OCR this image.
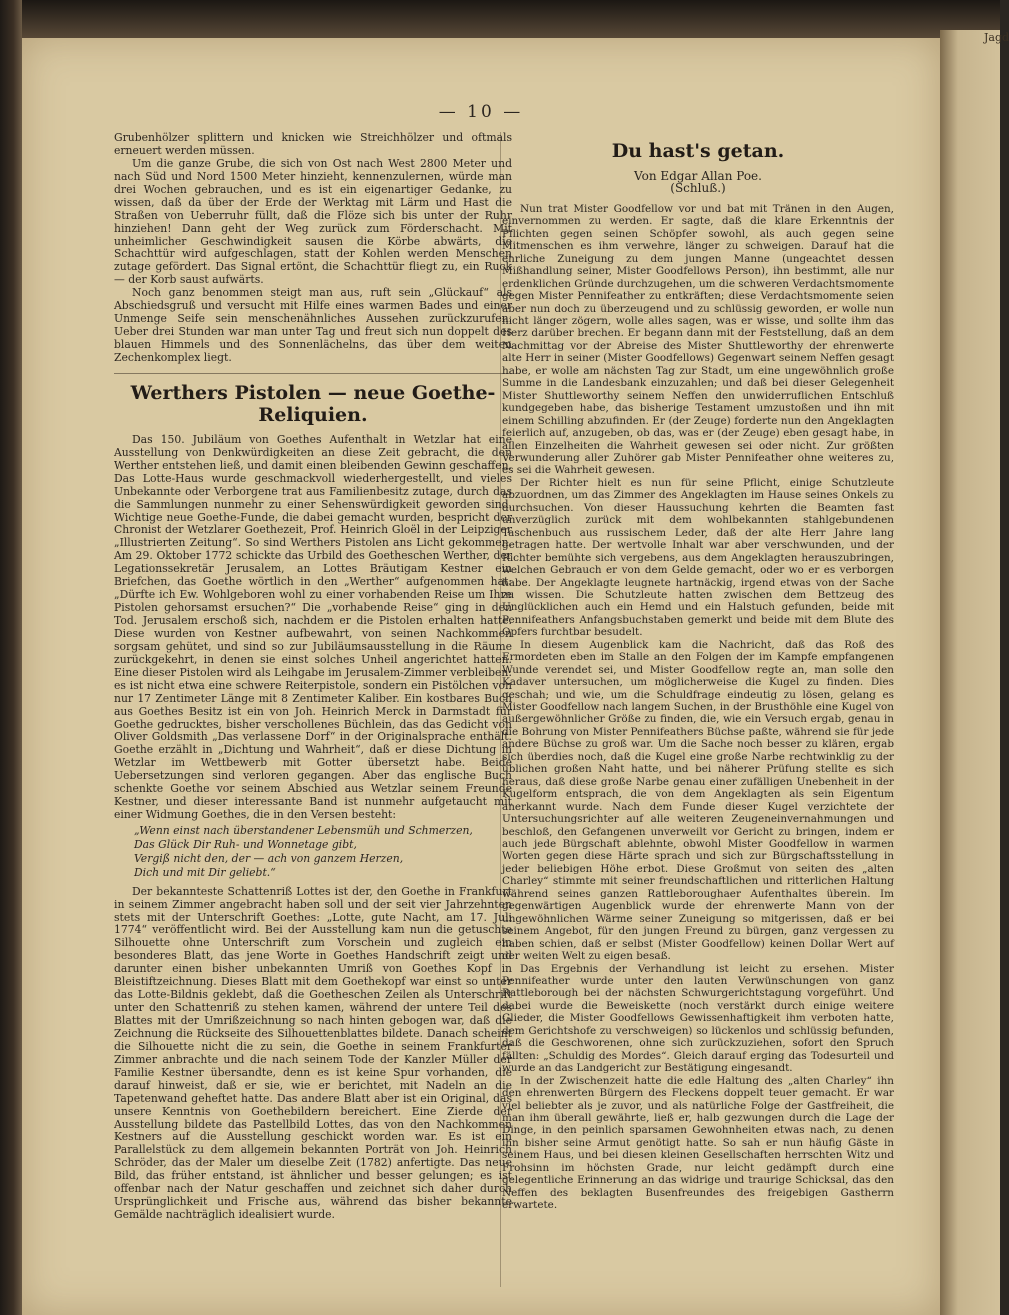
Jagd
— 10 —

Grubenhölzer splittern und knicken wie Streichhölzer und oftmals erneuert werden müssen.

Um die ganze Grube, die sich von Ost nach West 2800 Meter und nach Süd und Nord 1500 Meter hinzieht, kennenzulernen, würde man drei Wochen gebrauchen, und es ist ein eigenartiger Gedanke, zu wissen, daß da über der Erde der Werktag mit Lärm und Hast die Straßen von Ueberruhr füllt, daß die Flöze sich bis unter der Ruhr hinziehen! Dann geht der Weg zurück zum Förderschacht. Mit unheimlicher Geschwindigkeit sausen die Körbe abwärts, die Schachttür wird aufgeschlagen, statt der Kohlen werden Menschen zutage gefördert. Das Signal ertönt, die Schachttür fliegt zu, ein Ruck — der Korb saust aufwärts.

Noch ganz benommen steigt man aus, ruft sein „Glückauf“ als Abschiedsgruß und versucht mit Hilfe eines warmen Bades und einer Unmenge Seife sein menschenähnliches Aussehen zurückzurufen. Ueber drei Stunden war man unter Tag und freut sich nun doppelt des blauen Himmels und des Sonnenlächelns, das über dem weiten Zechenkomplex liegt.

Werthers Pistolen — neue Goethe-Reliquien.

Das 150. Jubiläum von Goethes Aufenthalt in Wetzlar hat eine Ausstellung von Denkwürdigkeiten an diese Zeit gebracht, die den Werther entstehen ließ, und damit einen bleibenden Gewinn geschaffen. Das Lotte-Haus wurde geschmackvoll wiederhergestellt, und vieles Unbekannte oder Verborgene trat aus Familienbesitz zutage, durch das die Sammlungen nunmehr zu einer Sehenswürdigkeit geworden sind. Wichtige neue Goethe-Funde, die dabei gemacht wurden, bespricht der Chronist der Wetzlarer Goethezeit, Prof. Heinrich Gloël in der Leipziger „Illustrierten Zeitung“. So sind Werthers Pistolen ans Licht gekommen. Am 29. Oktober 1772 schickte das Urbild des Goetheschen Werther, der Legationssekretär Jerusalem, an Lottes Bräutigam Kestner ein Briefchen, das Goethe wörtlich in den „Werther“ aufgenommen hat: „Dürfte ich Ew. Wohlgeboren wohl zu einer vorhabenden Reise um Ihre Pistolen gehorsamst ersuchen?“ Die „vorhabende Reise“ ging in den Tod. Jerusalem erschoß sich, nachdem er die Pistolen erhalten hatte. Diese wurden von Kestner aufbewahrt, von seinen Nachkommen sorgsam gehütet, und sind so zur Jubiläumsausstellung in die Räume zurückgekehrt, in denen sie einst solches Unheil angerichtet hatten. Eine dieser Pistolen wird als Leihgabe im Jerusalem-Zimmer verbleiben: es ist nicht etwa eine schwere Reiterpistole, sondern ein Pistölchen von nur 17 Zentimeter Länge mit 8 Zentimeter Kaliber. Ein kostbares Buch aus Goethes Besitz ist ein von Joh. Heinrich Merck in Darmstadt für Goethe gedrucktes, bisher verschollenes Büchlein, das das Gedicht von Oliver Goldsmith „Das verlassene Dorf“ in der Originalsprache enthält. Goethe erzählt in „Dichtung und Wahrheit“, daß er diese Dichtung in Wetzlar im Wettbewerb mit Gotter übersetzt habe. Beide Uebersetzungen sind verloren gegangen. Aber das englische Buch schenkte Goethe vor seinem Abschied aus Wetzlar seinem Freunde Kestner, und dieser interessante Band ist nunmehr aufgetaucht mit einer Widmung Goethes, die in den Versen besteht:

„Wenn einst nach überstandener Lebensmüh und Schmerzen,
Das Glück Dir Ruh- und Wonnetage gibt,
Vergiß nicht den, der — ach von ganzem Herzen,
Dich und mit Dir geliebt.“

Der bekannteste Schattenriß Lottes ist der, den Goethe in Frankfurt in seinem Zimmer angebracht haben soll und der seit vier Jahrzehnten stets mit der Unterschrift Goethes: „Lotte, gute Nacht, am 17. Juli 1774“ veröffentlicht wird. Bei der Ausstellung kam nun die getuschte Silhouette ohne Unterschrift zum Vorschein und zugleich ein besonderes Blatt, das jene Worte in Goethes Handschrift zeigt und darunter einen bisher unbekannten Umriß von Goethes Kopf in Bleistiftzeichnung. Dieses Blatt mit dem Goethekopf war einst so unter das Lotte-Bildnis geklebt, daß die Goetheschen Zeilen als Unterschrift unter den Schattenriß zu stehen kamen, während der untere Teil des Blattes mit der Umrißzeichnung so nach hinten gebogen war, daß die Zeichnung die Rückseite des Silhouettenblattes bildete. Danach scheint die Silhouette nicht die zu sein, die Goethe in seinem Frankfurter Zimmer anbrachte und die nach seinem Tode der Kanzler Müller der Familie Kestner übersandte, denn es ist keine Spur vorhanden, die darauf hinweist, daß er sie, wie er berichtet, mit Nadeln an die Tapetenwand geheftet hatte. Das andere Blatt aber ist ein Original, das unsere Kenntnis von Goethebildern bereichert. Eine Zierde der Ausstellung bildete das Pastellbild Lottes, das von den Nachkommen Kestners auf die Ausstellung geschickt worden war. Es ist ein Parallelstück zu dem allgemein bekannten Porträt von Joh. Heinrich Schröder, das der Maler um dieselbe Zeit (1782) anfertigte. Das neue Bild, das früher entstand, ist ähnlicher und besser gelungen; es ist offenbar nach der Natur geschaffen und zeichnet sich daher durch Ursprünglichkeit und Frische aus, während das bisher bekannte Gemälde nachträglich idealisiert wurde.

Du hast's getan.
Von Edgar Allan Poe.
(Schluß.)

Nun trat Mister Goodfellow vor und bat mit Tränen in den Augen, einvernommen zu werden. Er sagte, daß die klare Erkenntnis der Pflichten gegen seinen Schöpfer sowohl, als auch gegen seine Mitmenschen es ihm verwehre, länger zu schweigen. Darauf hat die ehrliche Zuneigung zu dem jungen Manne (ungeachtet dessen Mißhandlung seiner, Mister Goodfellows Person), ihn bestimmt, alle nur erdenklichen Gründe durchzugehen, um die schweren Verdachtsmomente gegen Mister Pennifeather zu entkräften; diese Verdachtsmomente seien aber nun doch zu überzeugend und zu schlüssig geworden, er wolle nun nicht länger zögern, wolle alles sagen, was er wisse, und sollte ihm das Herz darüber brechen. Er begann dann mit der Feststellung, daß an dem Nachmittag vor der Abreise des Mister Shuttleworthy der ehrenwerte alte Herr in seiner (Mister Goodfellows) Gegenwart seinem Neffen gesagt habe, er wolle am nächsten Tag zur Stadt, um eine ungewöhnlich große Summe in die Landesbank einzuzahlen; und daß bei dieser Gelegenheit Mister Shuttleworthy seinem Neffen den unwiderruflichen Entschluß kundgegeben habe, das bisherige Testament umzustoßen und ihn mit einem Schilling abzufinden. Er (der Zeuge) forderte nun den Angeklagten feierlich auf, anzugeben, ob das, was er (der Zeuge) eben gesagt habe, in allen Einzelheiten die Wahrheit gewesen sei oder nicht. Zur größten Verwunderung aller Zuhörer gab Mister Pennifeather ohne weiteres zu, es sei die Wahrheit gewesen.

Der Richter hielt es nun für seine Pflicht, einige Schutzleute abzuordnen, um das Zimmer des Angeklagten im Hause seines Onkels zu durchsuchen. Von dieser Haussuchung kehrten die Beamten fast unverzüglich zurück mit dem wohlbekannten stahlgebundenen Taschenbuch aus russischem Leder, daß der alte Herr Jahre lang getragen hatte. Der wertvolle Inhalt war aber verschwunden, und der Richter bemühte sich vergebens, aus dem Angeklagten herauszubringen, welchen Gebrauch er von dem Gelde gemacht, oder wo er es verborgen habe. Der Angeklagte leugnete hartnäckig, irgend etwas von der Sache zu wissen. Die Schutzleute hatten zwischen dem Bettzeug des Unglücklichen auch ein Hemd und ein Halstuch gefunden, beide mit Pennifeathers Anfangsbuchstaben gemerkt und beide mit dem Blute des Opfers furchtbar besudelt.

In diesem Augenblick kam die Nachricht, daß das Roß des Ermordeten eben im Stalle an den Folgen der im Kampfe empfangenen Wunde verendet sei, und Mister Goodfellow regte an, man solle den Kadaver untersuchen, um möglicherweise die Kugel zu finden. Dies geschah; und wie, um die Schuldfrage eindeutig zu lösen, gelang es Mister Goodfellow nach langem Suchen, in der Brusthöhle eine Kugel von außergewöhnlicher Größe zu finden, die, wie ein Versuch ergab, genau in die Bohrung von Mister Pennifeathers Büchse paßte, während sie für jede andere Büchse zu groß war. Um die Sache noch besser zu klären, ergab sich überdies noch, daß die Kugel eine große Narbe rechtwinklig zu der üblichen großen Naht hatte, und bei näherer Prüfung stellte es sich heraus, daß diese große Narbe genau einer zufälligen Unebenheit in der Kugelform entsprach, die von dem Angeklagten als sein Eigentum anerkannt wurde. Nach dem Funde dieser Kugel verzichtete der Untersuchungsrichter auf alle weiteren Zeugeneinvernahmungen und beschloß, den Gefangenen unverweilt vor Gericht zu bringen, indem er auch jede Bürgschaft ablehnte, obwohl Mister Goodfellow in warmen Worten gegen diese Härte sprach und sich zur Bürgschaftsstellung in jeder beliebigen Höhe erbot. Diese Großmut von seiten des „alten Charley“ stimmte mit seiner freundschaftlichen und ritterlichen Haltung während seines ganzen Rattleboroughaer Aufenthaltes überein. Im gegenwärtigen Augenblick wurde der ehrenwerte Mann von der ungewöhnlichen Wärme seiner Zuneigung so mitgerissen, daß er bei seinem Angebot, für den jungen Freund zu bürgen, ganz vergessen zu haben schien, daß er selbst (Mister Goodfellow) keinen Dollar Wert auf der weiten Welt zu eigen besaß.

Das Ergebnis der Verhandlung ist leicht zu ersehen. Mister Pennifeather wurde unter den lauten Verwünschungen von ganz Rattleborough bei der nächsten Schwurgerichtstagung vorgeführt. Und dabei wurde die Beweiskette (noch verstärkt durch einige weitere Glieder, die Mister Goodfellows Gewissenhaftigkeit ihm verboten hatte, dem Gerichtshofe zu verschweigen) so lückenlos und schlüssig befunden, daß die Geschworenen, ohne sich zurückzuziehen, sofort den Spruch fällten: „Schuldig des Mordes“. Gleich darauf erging das Todesurteil und wurde an das Landgericht zur Bestätigung eingesandt.

In der Zwischenzeit hatte die edle Haltung des „alten Charley“ ihn den ehrenwerten Bürgern des Fleckens doppelt teuer gemacht. Er war viel beliebter als je zuvor, und als natürliche Folge der Gastfreiheit, die man ihm überall gewährte, ließ er, halb gezwungen durch die Lage der Dinge, in den peinlich sparsamen Gewohnheiten etwas nach, zu denen ihn bisher seine Armut genötigt hatte. So sah er nun häufig Gäste in seinem Haus, und bei diesen kleinen Gesellschaften herrschten Witz und Frohsinn im höchsten Grade, nur leicht gedämpft durch eine gelegentliche Erinnerung an das widrige und traurige Schicksal, das den Neffen des beklagten Busenfreundes des freigebigen Gastherrn erwartete.
